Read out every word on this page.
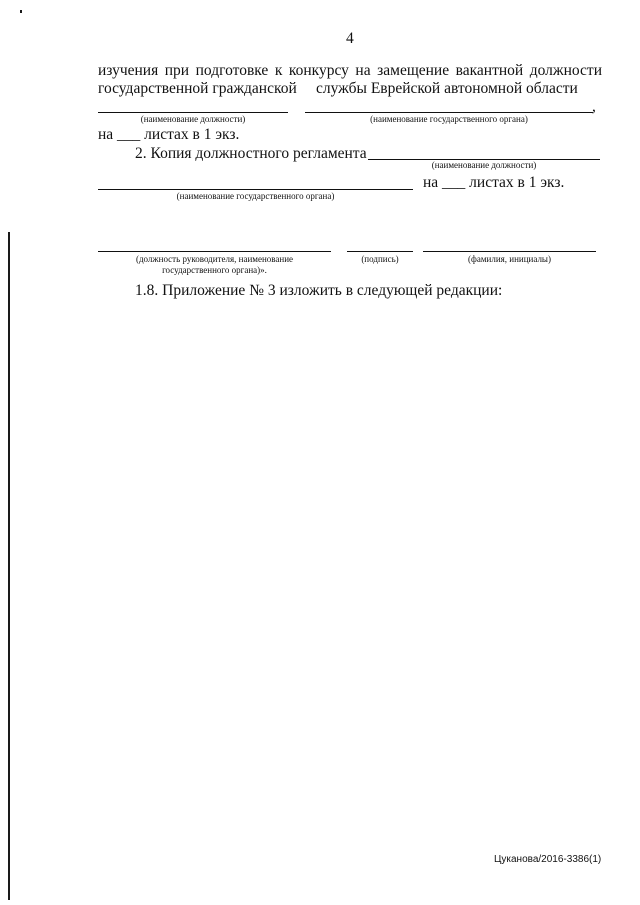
4
изучения при подготовке к конкурсу на замещение вакантной должности
государственной гражданской службы Еврейской автономной области
,
(наименование должности)	(наименование государственного органа)
на ___ листах в 1 экз.
2. Копия должностного регламента
(наименование должности)
на ___ листах в 1 экз.
(наименование государственного органа)
(должность руководителя, наименование
государственного органа)».
(подпись)	(фамилия, инициалы)
1.8. Приложение № 3 изложить в следующей редакции:
Цуканова/2016-3386(1)
